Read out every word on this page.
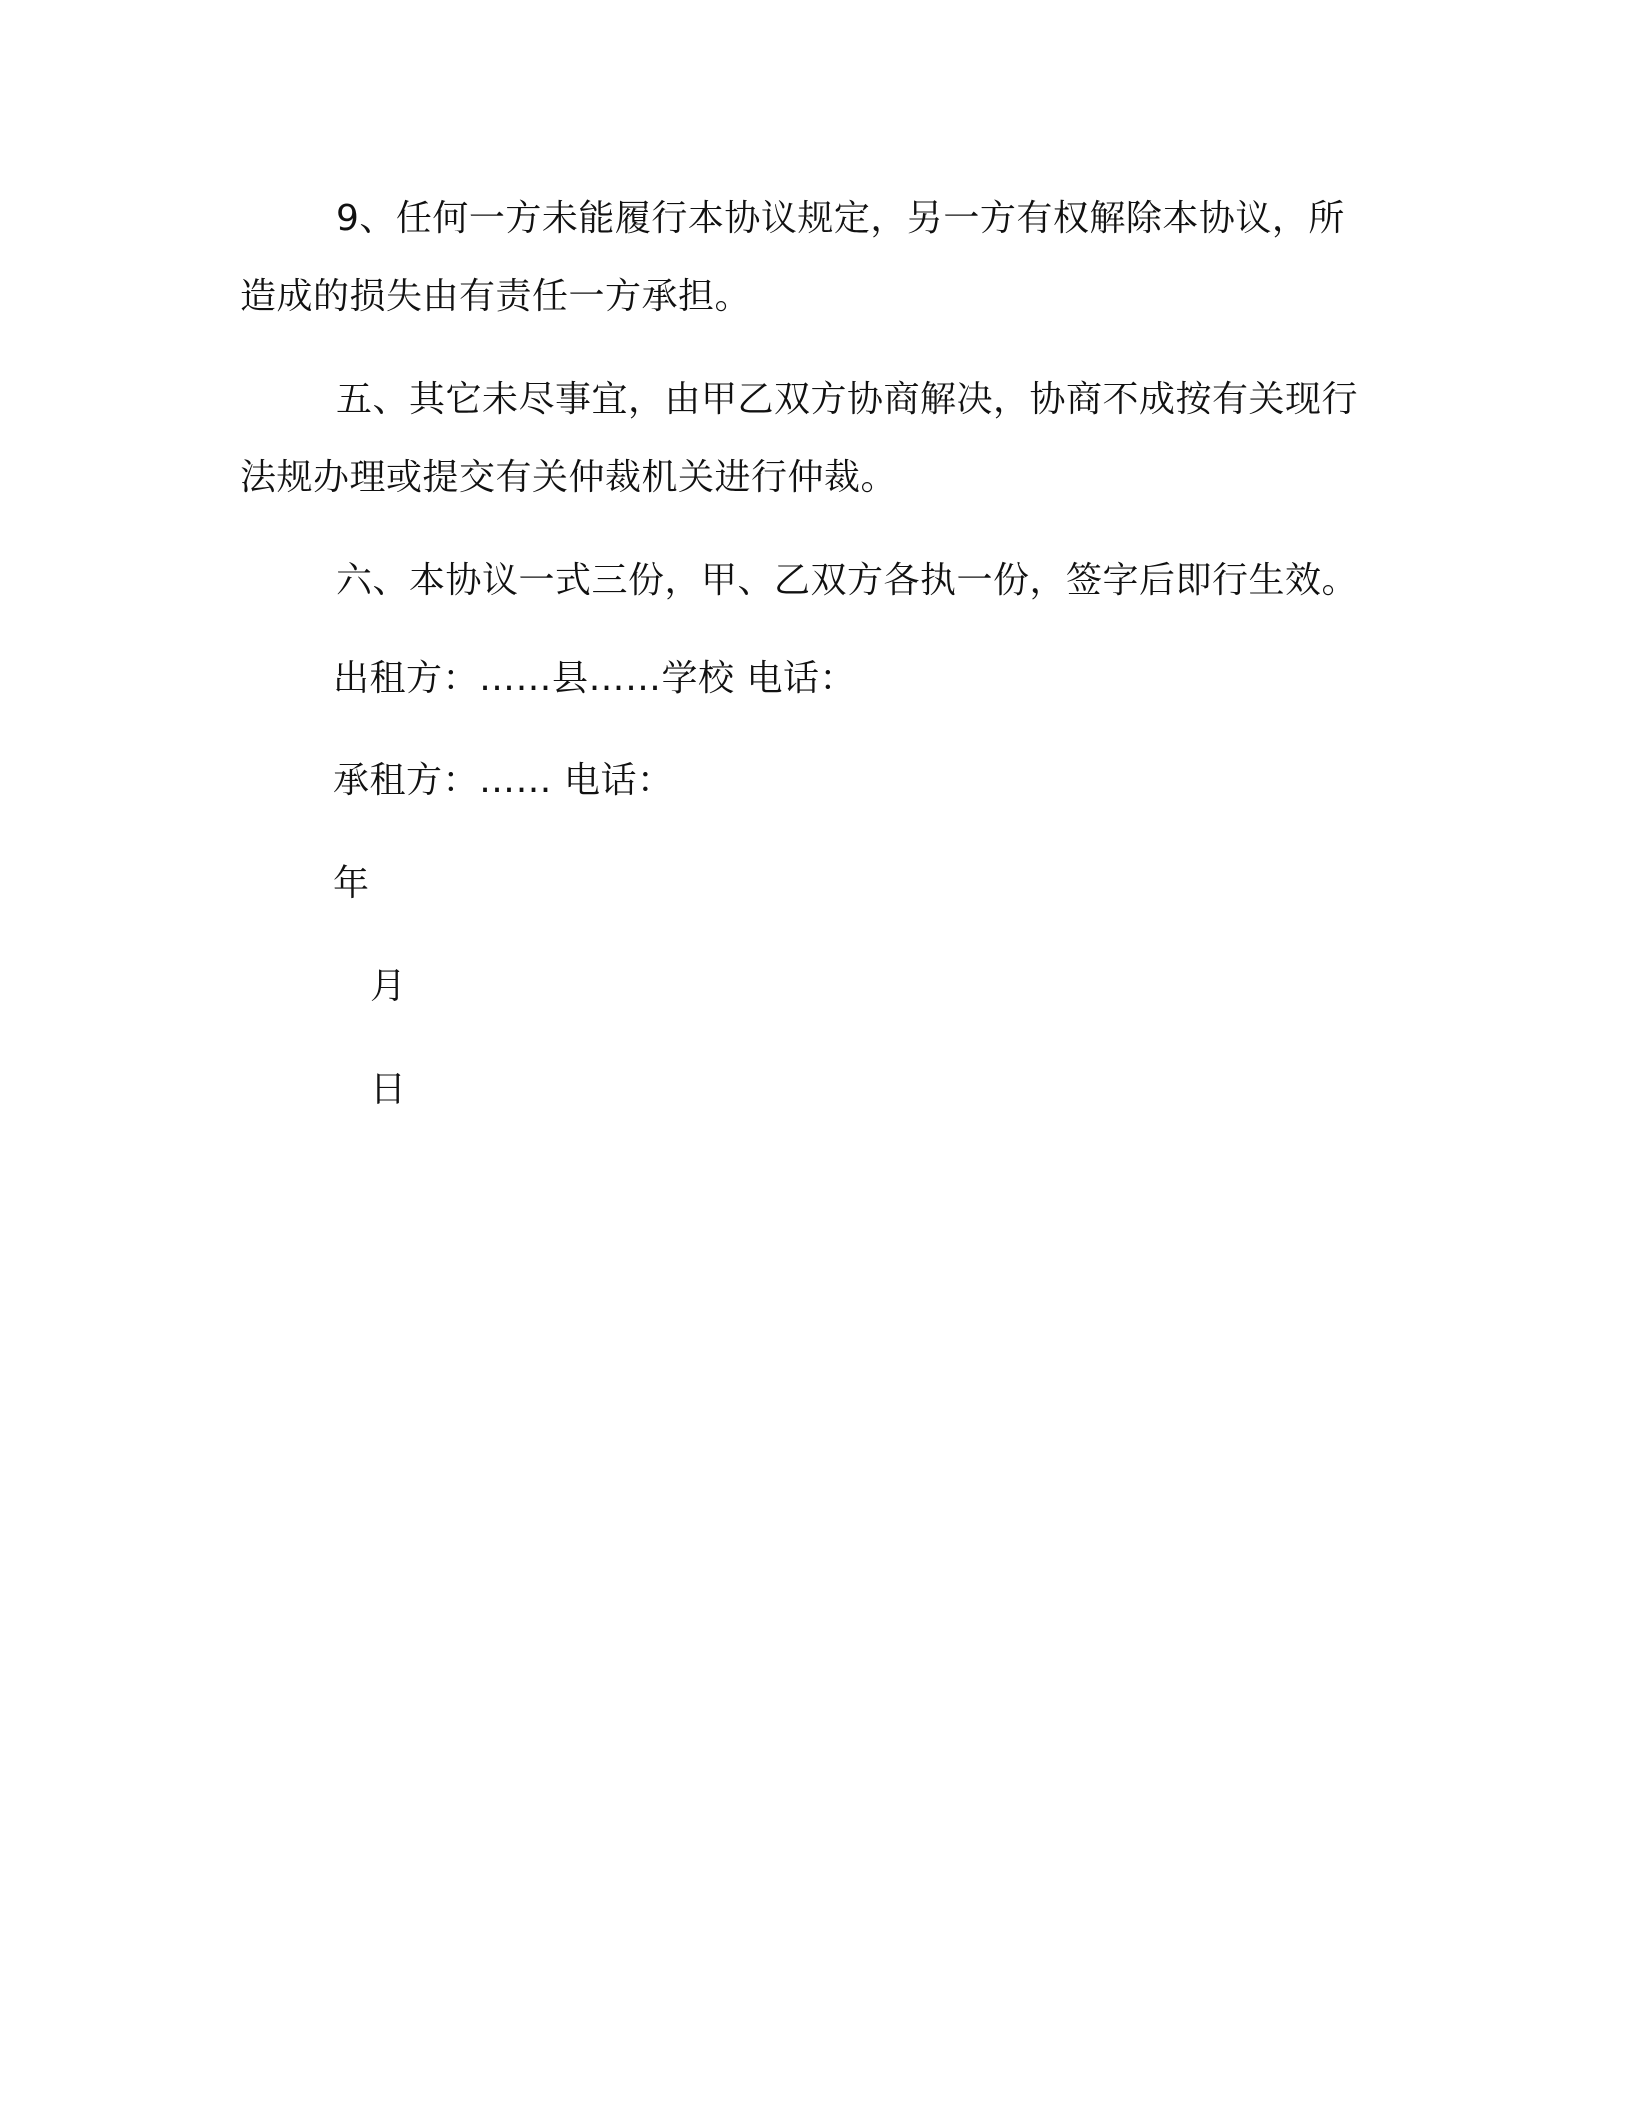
9、任何一方未能履行本协议规定，另一方有权解除本协议，所造成的损失由有责任一方承担。

五、其它未尽事宜，由甲乙双方协商解决，协商不成按有关现行法规办理或提交有关仲裁机关进行仲裁。

六、本协议一式三份，甲、乙双方各执一份，签字后即行生效。

出租方：……县……学校 电话：

承租方：…… 电话：

年

月

日
